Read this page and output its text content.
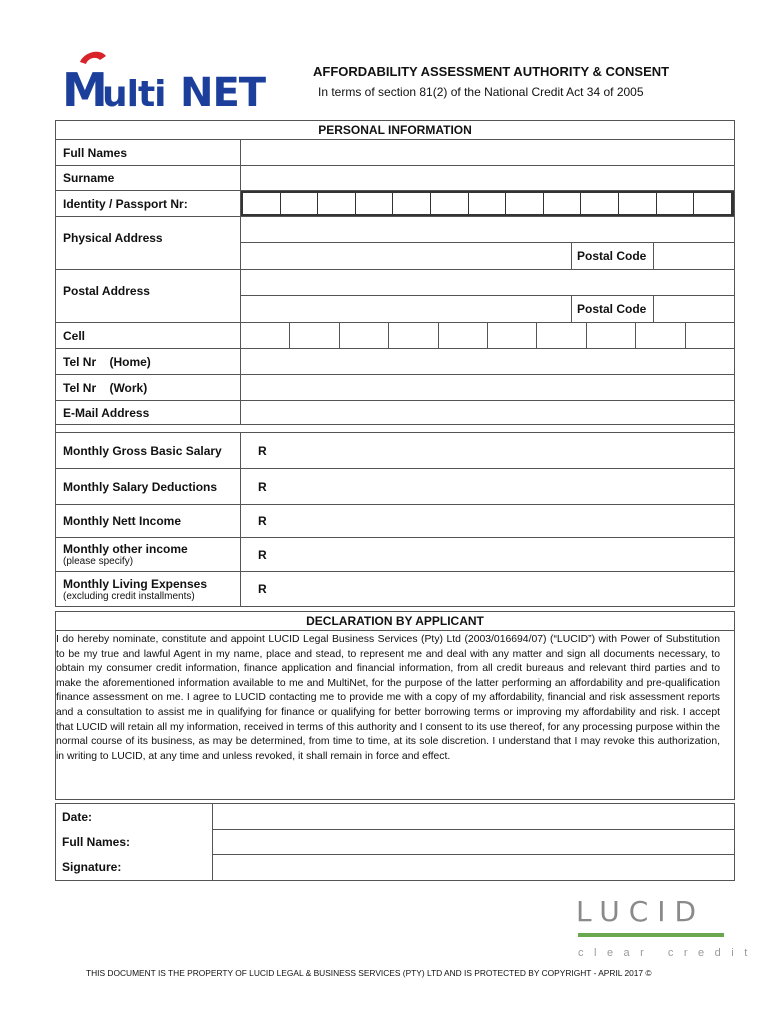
M
ulti NET	AFFORDABILITY ASSESSMENT AUTHORITY & CONSENT
In terms of section 81(2) of the National Credit Act 34 of 2005
PERSONAL INFORMATION
Full Names
Surname
Identity / Passport Nr:
Physical Address
Postal Code
Postal Address
Postal Code
Cell
Tel Nr    (Home)
Tel Nr    (Work)
E-Mail Address
Monthly Gross Basic Salary	R
Monthly Salary Deductions	R
Monthly Nett Income	R
Monthly other income
(please specify)	R
Monthly Living Expenses
(excluding credit installments)	R
DECLARATION BY APPLICANT
I do hereby nominate, constitute and appoint LUCID Legal Business Services (Pty) Ltd (2003/016694/07) (“LUCID”) with Power of Substitution to be my true and lawful Agent in my name, place and stead, to represent me and deal with any matter and sign all documents necessary, to obtain my consumer credit information, finance application and financial information, from all credit bureaus and relevant third parties and to make the aforementioned information available to me and MultiNet, for the purpose of the latter performing an affordability and pre-qualification finance assessment on me. I agree to LUCID contacting me to provide me with a copy of my affordability, financial and risk assessment reports and a consultation to assist me in qualifying for finance or qualifying for better borrowing terms or improving my affordability and risk. I accept that LUCID will retain all my information, received in terms of this authority and I consent to its use thereof, for any processing purpose within the normal course of its business, as may be determined, from time to time, at its sole discretion. I understand that I may revoke this authorization, in writing to LUCID, at any time and unless revoked, it shall remain in force and effect.
Date:
Full Names:
Signature:
LUCID
clear credit
THIS DOCUMENT IS THE PROPERTY OF LUCID LEGAL & BUSINESS SERVICES (PTY) LTD AND IS PROTECTED BY COPYRIGHT - APRIL 2017 ©
